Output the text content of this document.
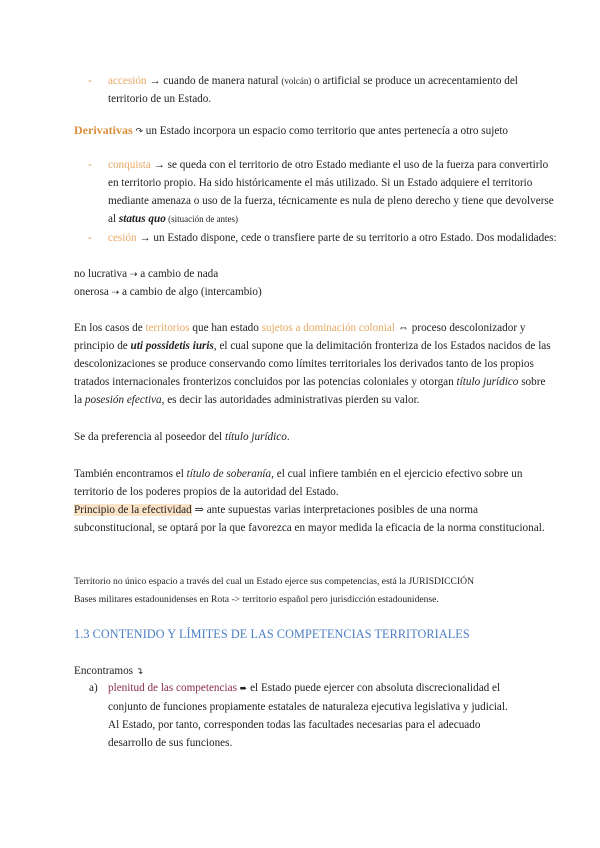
- accesión → cuando de manera natural (volcán) o artificial se produce un acrecentamiento del territorio de un Estado.
Derivativas ↷ un Estado incorpora un espacio como territorio que antes pertenecía a otro sujeto
- conquista → se queda con el territorio de otro Estado mediante el uso de la fuerza para convertirlo en territorio propio. Ha sido históricamente el más utilizado. Si un Estado adquiere el territorio mediante amenaza o uso de la fuerza, técnicamente es nula de pleno derecho y tiene que devolverse al status quo (situación de antes)
- cesión → un Estado dispone, cede o transfiere parte de su territorio a otro Estado. Dos modalidades:
no lucrativa ⇢ a cambio de nada
onerosa ⇢ a cambio de algo (intercambio)
En los casos de territorios que han estado sujetos a dominación colonial ⇔ proceso descolonizador y principio de uti possidetis iuris, el cual supone que la delimitación fronteriza de los Estados nacidos de las descolonizaciones se produce conservando como límites territoriales los derivados tanto de los propios tratados internacionales fronterizos concluidos por las potencias coloniales y otorgan título jurídico sobre la posesión efectiva, es decir las autoridades administrativas pierden su valor.
Se da preferencia al poseedor del título jurídico.
También encontramos el título de soberanía, el cual infiere también en el ejercicio efectivo sobre un territorio de los poderes propios de la autoridad del Estado.
Principio de la efectividad ⇒ ante supuestas varias interpretaciones posibles de una norma subconstitucional, se optará por la que favorezca en mayor medida la eficacia de la norma constitucional.
Territorio no único espacio a través del cual un Estado ejerce sus competencias, está la JURISDICCIÓN
Bases militares estadounidenses en Rota -> territorio español pero jurisdicción estadounidense.
1.3 CONTENIDO Y LÍMITES DE LAS COMPETENCIAS TERRITORIALES
Encontramos ↴
a) plenitud de las competencias ➨ el Estado puede ejercer con absoluta discrecionalidad el conjunto de funciones propiamente estatales de naturaleza ejecutiva legislativa y judicial. Al Estado, por tanto, corresponden todas las facultades necesarias para el adecuado desarrollo de sus funciones.
